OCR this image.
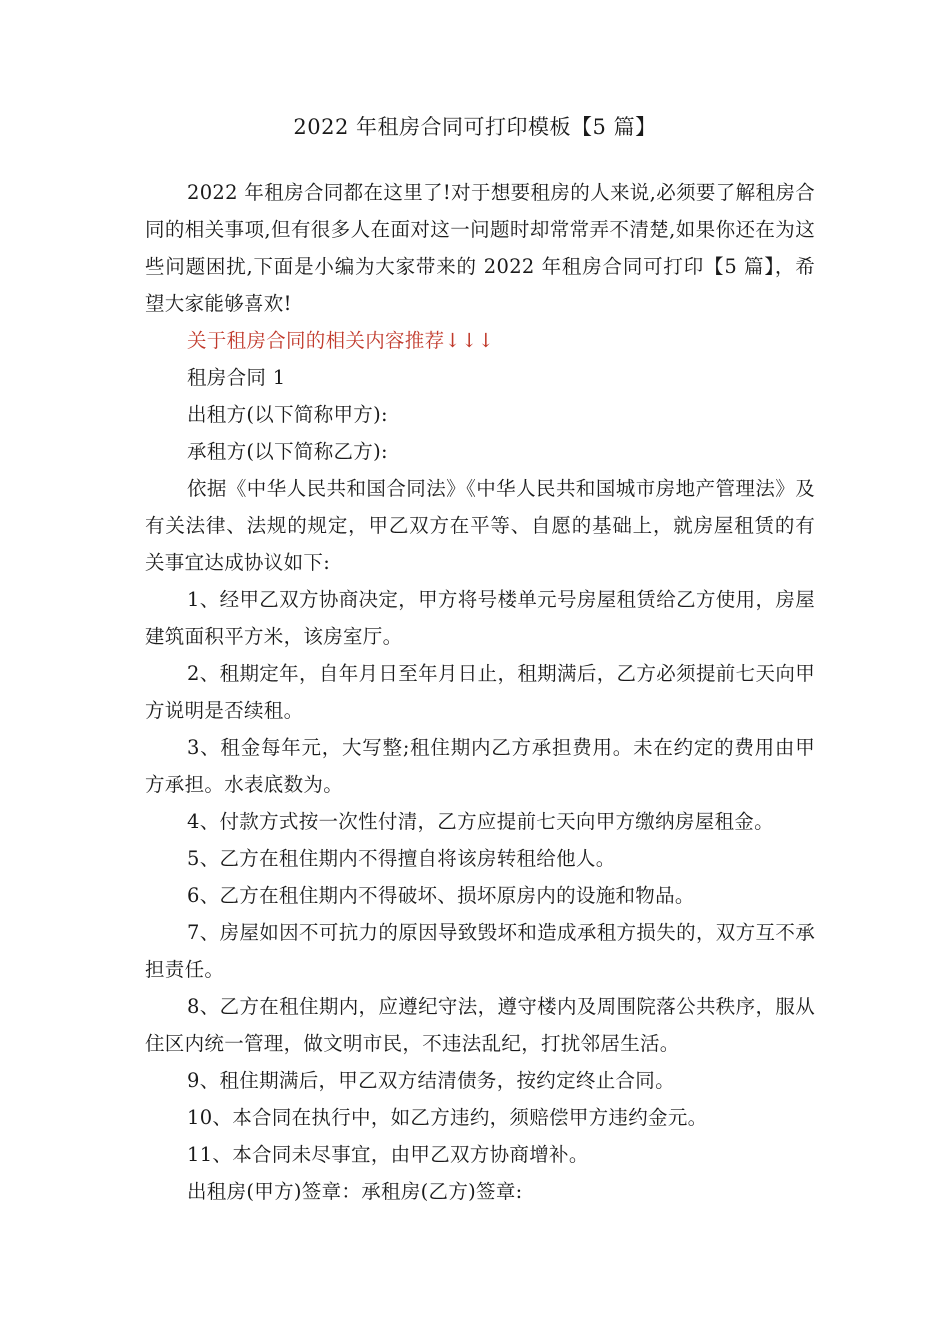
2022 年租房合同可打印模板【5 篇】

2022 年租房合同都在这里了!对于想要租房的人来说,必须要了解租房合同的相关事项,但有很多人在面对这一问题时却常常弄不清楚,如果你还在为这些问题困扰,下面是小编为大家带来的 2022 年租房合同可打印【5 篇】，希望大家能够喜欢!

关于租房合同的相关内容推荐↓↓↓

租房合同 1

出租方(以下简称甲方):

承租方(以下简称乙方):

依据《中华人民共和国合同法》《中华人民共和国城市房地产管理法》及有关法律、法规的规定，甲乙双方在平等、自愿的基础上，就房屋租赁的有关事宜达成协议如下:

1、经甲乙双方协商决定，甲方将号楼单元号房屋租赁给乙方使用，房屋建筑面积平方米，该房室厅。

2、租期定年，自年月日至年月日止，租期满后，乙方必须提前七天向甲方说明是否续租。

3、租金每年元，大写整;租住期内乙方承担费用。未在约定的费用由甲方承担。水表底数为。

4、付款方式按一次性付清，乙方应提前七天向甲方缴纳房屋租金。

5、乙方在租住期内不得擅自将该房转租给他人。

6、乙方在租住期内不得破坏、损坏原房内的设施和物品。

7、房屋如因不可抗力的原因导致毁坏和造成承租方损失的，双方互不承担责任。

8、乙方在租住期内，应遵纪守法，遵守楼内及周围院落公共秩序，服从住区内统一管理，做文明市民，不违法乱纪，打扰邻居生活。

9、租住期满后，甲乙双方结清债务，按约定终止合同。

10、本合同在执行中，如乙方违约，须赔偿甲方违约金元。

11、本合同未尽事宜，由甲乙双方协商增补。

出租房(甲方)签章：承租房(乙方)签章:
